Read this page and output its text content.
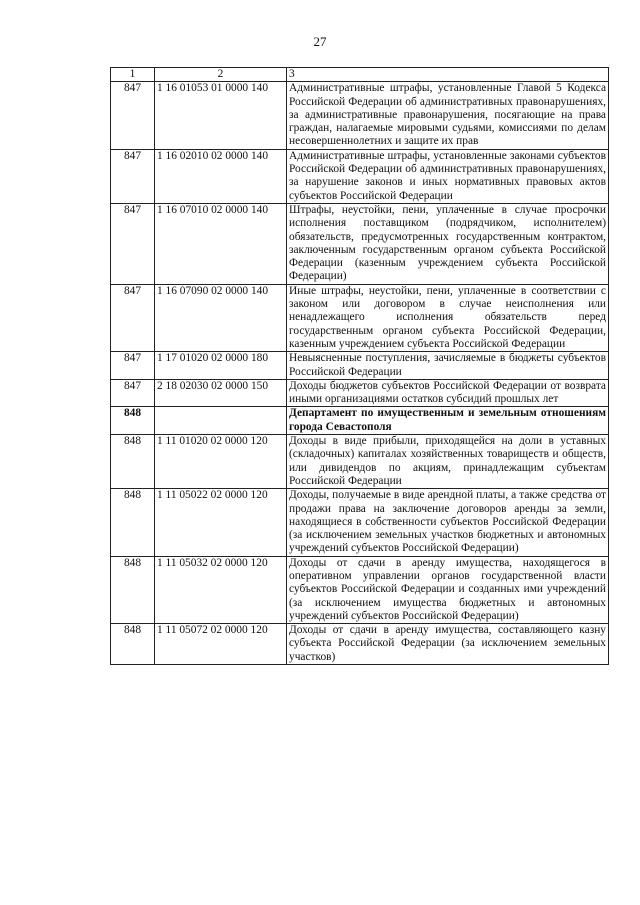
27
1	2	3
847	1 16 01053 01 0000 140	Административные штрафы, установленные Главой 5 Кодекса Российской Федерации об административных правонарушениях, за административные правонарушения, посягающие на права граждан, налагаемые мировыми судьями, комиссиями по делам несовершеннолетних и защите их прав
847	1 16 02010 02 0000 140	Административные штрафы, установленные законами субъектов Российской Федерации об административных правонарушениях, за нарушение законов и иных нормативных правовых актов субъектов Российской Федерации
847	1 16 07010 02 0000 140	Штрафы, неустойки, пени, уплаченные в случае просрочки исполнения поставщиком (подрядчиком, исполнителем) обязательств, предусмотренных государственным контрактом, заключенным государственным органом субъекта Российской Федерации (казенным учреждением субъекта Российской Федерации)
847	1 16 07090 02 0000 140	Иные штрафы, неустойки, пени, уплаченные в соответствии с законом или договором в случае неисполнения или ненадлежащего исполнения обязательств перед государственным органом субъекта Российской Федерации, казенным учреждением субъекта Российской Федерации
847	1 17 01020 02 0000 180	Невыясненные поступления, зачисляемые в бюджеты субъектов Российской Федерации
847	2 18 02030 02 0000 150	Доходы бюджетов субъектов Российской Федерации от возврата иными организациями остатков субсидий прошлых лет
848		Департамент по имущественным и земельным отношениям города Севастополя
848	1 11 01020 02 0000 120	Доходы в виде прибыли, приходящейся на доли в уставных (складочных) капиталах хозяйственных товариществ и обществ, или дивидендов по акциям, принадлежащим субъектам Российской Федерации
848	1 11 05022 02 0000 120	Доходы, получаемые в виде арендной платы, а также средства от продажи права на заключение договоров аренды за земли, находящиеся в собственности субъектов Российской Федерации (за исключением земельных участков бюджетных и автономных учреждений субъектов Российской Федерации)
848	1 11 05032 02 0000 120	Доходы от сдачи в аренду имущества, находящегося в оперативном управлении органов государственной власти субъектов Российской Федерации и созданных ими учреждений (за исключением имущества бюджетных и автономных учреждений субъектов Российской Федерации)
848	1 11 05072 02 0000 120	Доходы от сдачи в аренду имущества, составляющего казну субъекта Российской Федерации (за исключением земельных участков)
